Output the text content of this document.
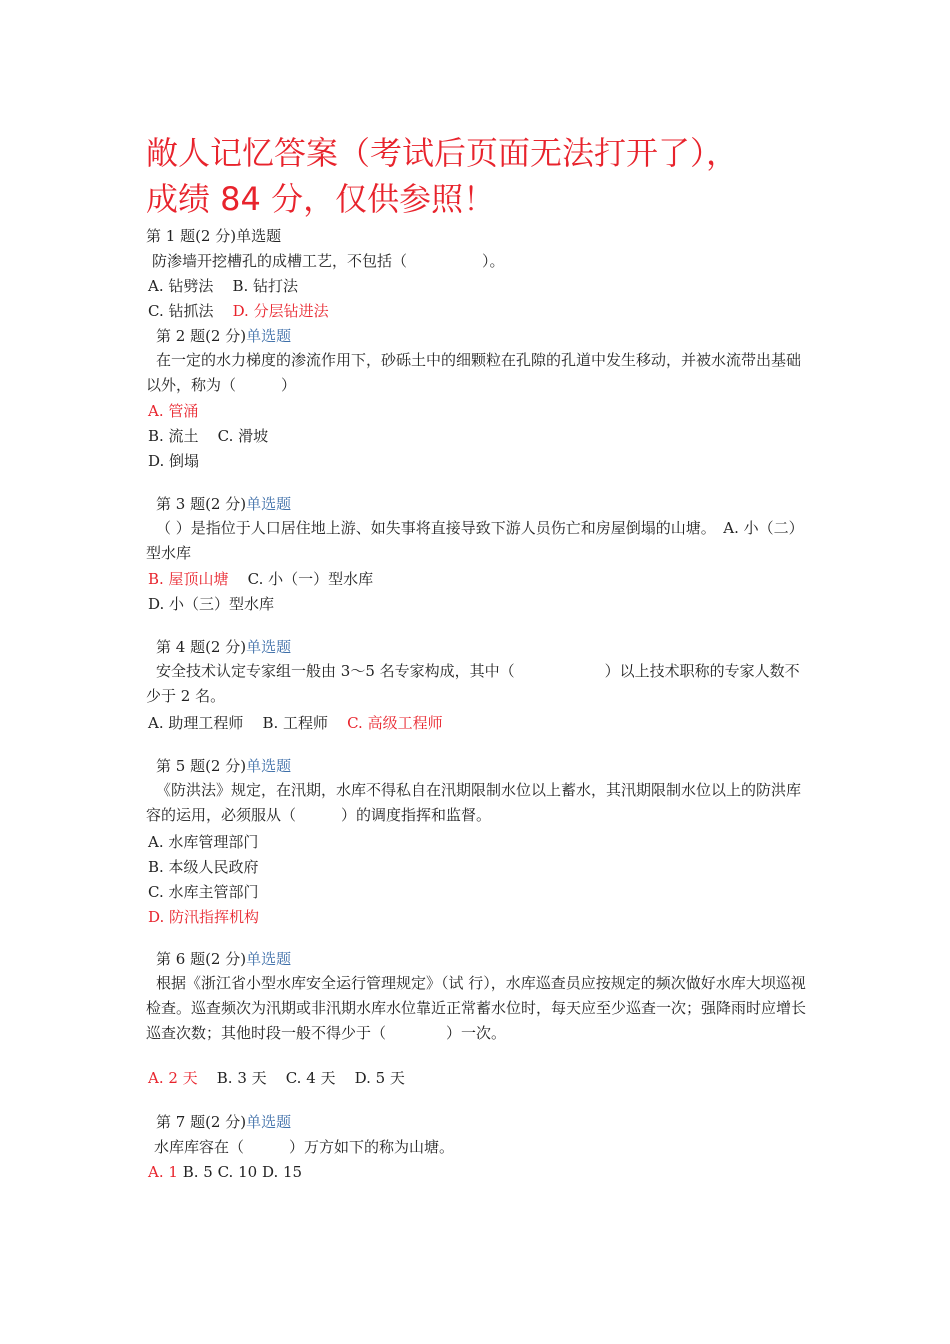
敞人记忆答案（考试后页面无法打开了），
成绩 84 分，仅供参照！
第 1 题(2 分)单选题
防渗墙开挖槽孔的成槽工艺，不包括（　　　　　）。
A. 钻劈法 B. 钻打法
C. 钻抓法 D. 分层钻进法
第 2 题(2 分)单选题
在一定的水力梯度的渗流作用下，砂砾土中的细颗粒在孔隙的孔道中发生移动，并被水流带出基础以外，称为（　　　）
A. 管涌
B. 流土 C. 滑坡
D. 倒塌
第 3 题(2 分)单选题
（ ）是指位于人口居住地上游、如失事将直接导致下游人员伤亡和房屋倒塌的山塘。　A. 小（二）型水库
B. 屋顶山塘 C. 小（一）型水库
D. 小（三）型水库
第 4 题(2 分)单选题
安全技术认定专家组一般由 3～5 名专家构成，其中（　　　　　　）以上技术职称的专家人数不少于 2 名。
A. 助理工程师 B. 工程师 C. 高级工程师
第 5 题(2 分)单选题
《防洪法》规定，在汛期，水库不得私自在汛期限制水位以上蓄水，其汛期限制水位以上的防洪库容的运用，必须服从（　　　）的调度指挥和监督。
A. 水库管理部门
B. 本级人民政府
C. 水库主管部门
D. 防汛指挥机构
第 6 题(2 分)单选题
根据《浙江省小型水库安全运行管理规定》（试 行），水库巡查员应按规定的频次做好水库大坝巡视检查。巡查频次为汛期或非汛期水库水位靠近正常蓄水位时，每天应至少巡查一次；强降雨时应增长巡查次数；其他时段一般不得少于（　　　　）一次。
A. 2 天 B. 3 天 C. 4 天 D. 5 天
第 7 题(2 分)单选题
水库库容在（　　　）万方如下的称为山塘。
A. 1 B. 5 C. 10 D. 15
